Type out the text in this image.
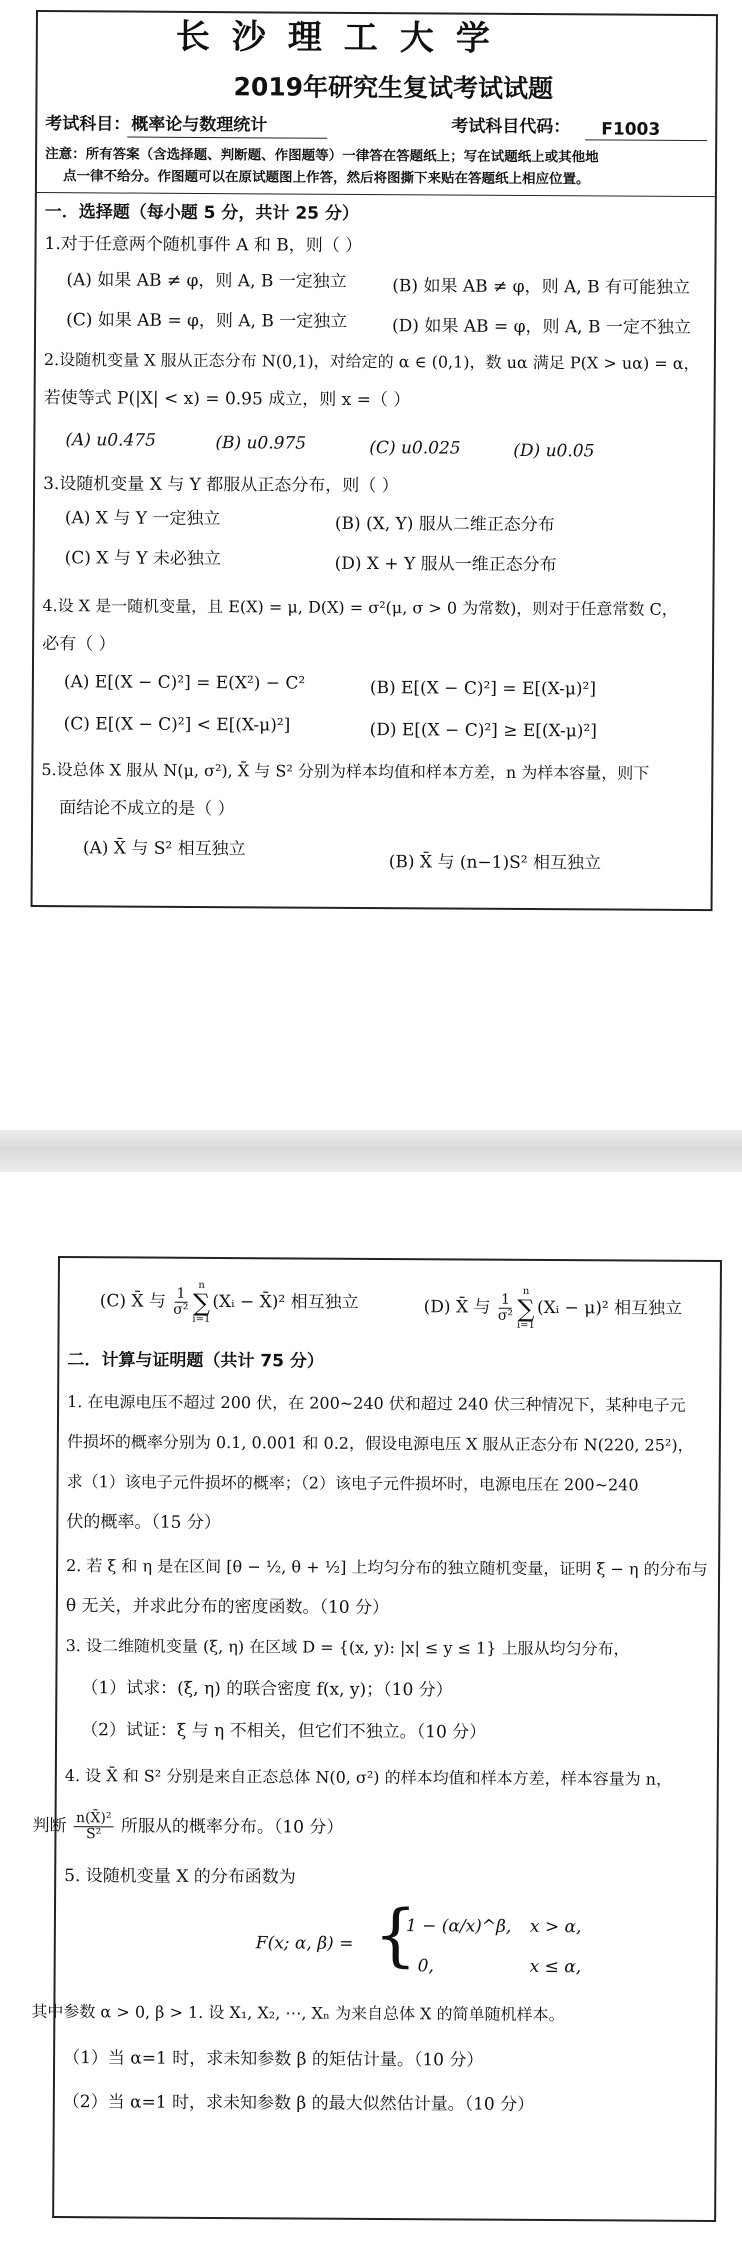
长沙理工大学
2019年研究生复试考试试题
考试科目： 概率论与数理统计	考试科目代码： F1003
注意：所有答案（含选择题、判断题、作图题等）一律答在答题纸上；写在试题纸上或其他地
点一律不给分。作图题可以在原试题图上作答，然后将图撕下来贴在答题纸上相应位置。
一．选择题（每小题 5 分，共计 25 分）
1.对于任意两个随机事件 A 和 B，则（ ）
(A) 如果 AB ≠ φ，则 A, B 一定独立	(B) 如果 AB ≠ φ，则 A, B 有可能独立
(C) 如果 AB = φ，则 A, B 一定独立	(D) 如果 AB = φ，则 A, B 一定不独立
2.设随机变量 X 服从正态分布 N(0,1)，对给定的 α ∈ (0,1)，数 uα 满足 P(X > uα) = α，
若使等式 P(|X| < x) = 0.95 成立，则 x =（ ）
(A) u0.475	(B) u0.975	(C) u0.025	(D) u0.05
3.设随机变量 X 与 Y 都服从正态分布，则（ ）
(A) X 与 Y 一定独立	(B) (X, Y) 服从二维正态分布
(C) X 与 Y 未必独立	(D) X + Y 服从一维正态分布
4.设 X 是一随机变量，且 E(X) = μ, D(X) = σ²(μ, σ > 0 为常数)，则对于任意常数 C，
必有（ ）
(A) E[(X − C)²] = E(X²) − C²	(B) E[(X − C)²] = E[(X-μ)²]
(C) E[(X − C)²] < E[(X-μ)²]	(D) E[(X − C)²] ≥ E[(X-μ)²]
5.设总体 X 服从 N(μ, σ²), X̄ 与 S² 分别为样本均值和样本方差，n 为样本容量，则下
面结论不成立的是（ ）
(A) X̄ 与 S² 相互独立
(B) X̄ 与 (n−1)S² 相互独立
(C) X̄ 与 $\frac{1}{\text{σ²}}$
n
∑
i=1
(Xᵢ − X̄)² 相互独立	(D) X̄ 与 $\frac{1}{\text{σ²}}$
n
∑
i=1
(Xᵢ − μ)² 相互独立
二．计算与证明题（共计 75 分）
1. 在电源电压不超过 200 伏，在 200~240 伏和超过 240 伏三种情况下，某种电子元
件损坏的概率分别为 0.1, 0.001 和 0.2，假设电源电压 X 服从正态分布 N(220, 25²)，
求（1）该电子元件损坏的概率；（2）该电子元件损坏时，电源电压在 200~240
伏的概率。（15 分）
2. 若 ξ 和 η 是在区间 [θ − ½, θ + ½] 上均匀分布的独立随机变量，证明 ξ − η 的分布与
θ 无关，并求此分布的密度函数。（10 分）
3. 设二维随机变量 (ξ, η) 在区域 D = {(x, y): |x| ≤ y ≤ 1} 上服从均匀分布，
（1）试求：(ξ, η) 的联合密度 f(x, y)；（10 分）
（2）试证：ξ 与 η 不相关，但它们不独立。（10 分）
4. 设 X̄ 和 S² 分别是来自正态总体 N(0, σ²) 的样本均值和样本方差，样本容量为 n，
判断 $\frac{\text{n(X̄)²}}{\text{S²}}$ 所服从的概率分布。（10 分）
5. 设随机变量 X 的分布函数为
F(x; α, β) = {
1 − (α/x)^β, x > α,
0,	x ≤ α,
其中参数 α > 0, β > 1. 设 X₁, X₂, ⋯, Xₙ 为来自总体 X 的简单随机样本。
（1）当 α=1 时，求未知参数 β 的矩估计量。（10 分）
（2）当 α=1 时，求未知参数 β 的最大似然估计量。（10 分）
